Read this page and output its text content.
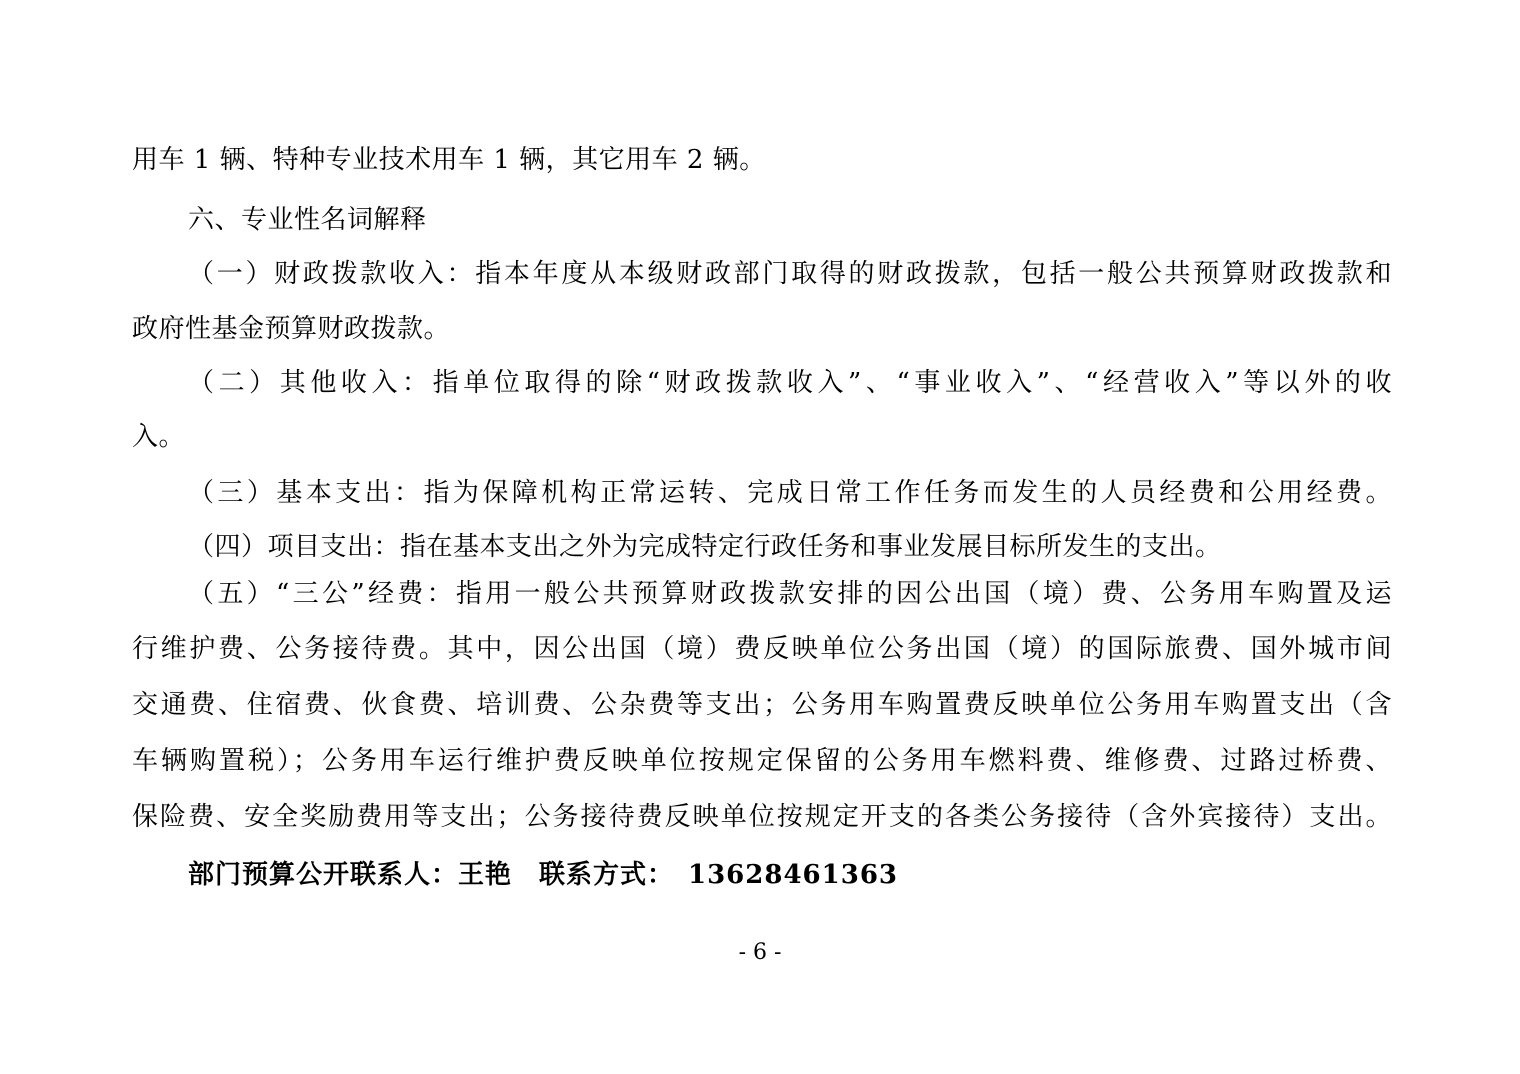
用车 1 辆、特种专业技术用车 1 辆，其它用车 2 辆。
六、专业性名词解释
（一）财政拨款收入：指本年度从本级财政部门取得的财政拨款，包括一般公共预算财政拨款和
政府性基金预算财政拨款。
（二）其他收入：指单位取得的除“财政拨款收入”、“事业收入”、“经营收入”等以外的收
入。
（三）基本支出：指为保障机构正常运转、完成日常工作任务而发生的人员经费和公用经费。
（四）项目支出：指在基本支出之外为完成特定行政任务和事业发展目标所发生的支出。
（五）“三公”经费：指用一般公共预算财政拨款安排的因公出国（境）费、公务用车购置及运
行维护费、公务接待费。其中，因公出国（境）费反映单位公务出国（境）的国际旅费、国外城市间
交通费、住宿费、伙食费、培训费、公杂费等支出；公务用车购置费反映单位公务用车购置支出（含
车辆购置税）；公务用车运行维护费反映单位按规定保留的公务用车燃料费、维修费、过路过桥费、
保险费、安全奖励费用等支出；公务接待费反映单位按规定开支的各类公务接待（含外宾接待）支出。
部门预算公开联系人：王艳　联系方式：　13628461363
- 6 -
